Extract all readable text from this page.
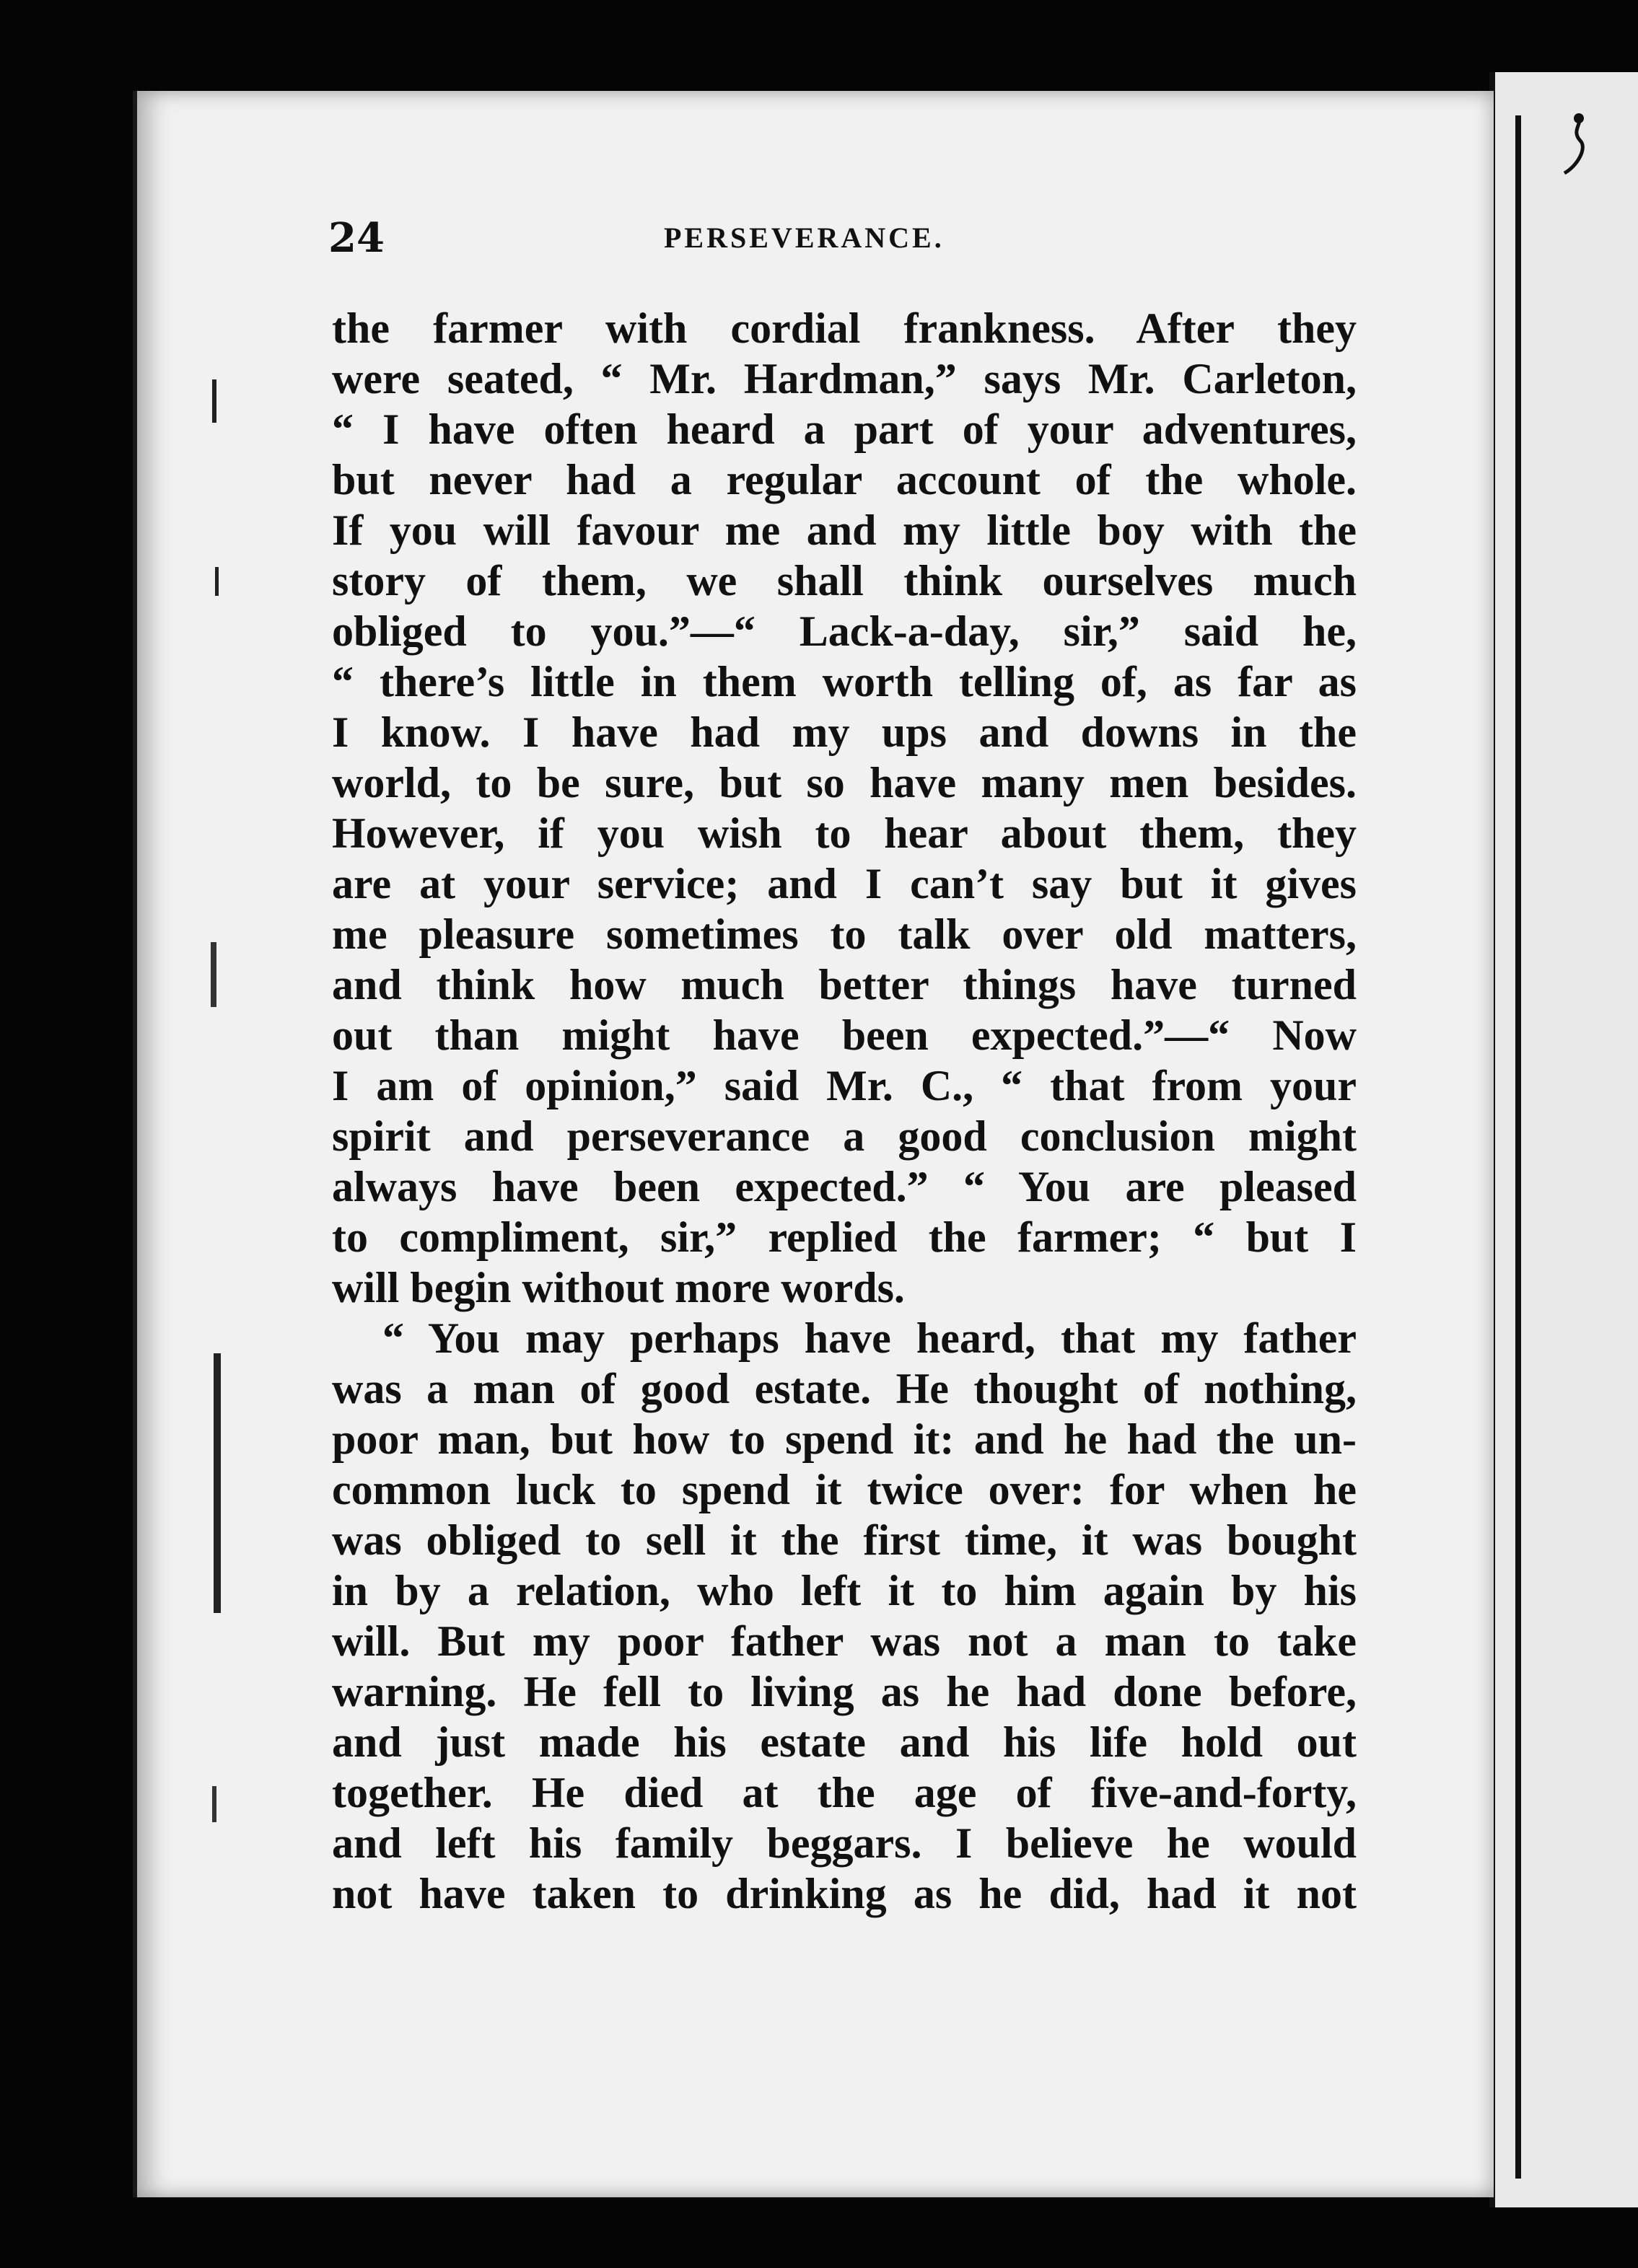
24	PERSEVERANCE.
the farmer with cordial frankness. After they
were seated, “ Mr. Hardman,” says Mr. Carleton,
“ I have often heard a part of your adventures,
but never had a regular account of the whole.
If you will favour me and my little boy with the
story of them, we shall think ourselves much
obliged to you.”—“ Lack-a-day, sir,” said he,
“ there’s little in them worth telling of, as far as
I know. I have had my ups and downs in the
world, to be sure, but so have many men besides.
However, if you wish to hear about them, they
are at your service; and I can’t say but it gives
me pleasure sometimes to talk over old matters,
and think how much better things have turned
out than might have been expected.”—“ Now
I am of opinion,” said Mr. C., “ that from your
spirit and perseverance a good conclusion might
always have been expected.” “ You are pleased
to compliment, sir,” replied the farmer; “ but I
will begin without more words.
“ You may perhaps have heard, that my father
was a man of good estate. He thought of nothing,
poor man, but how to spend it: and he had the un-
common luck to spend it twice over: for when he
was obliged to sell it the first time, it was bought
in by a relation, who left it to him again by his
will. But my poor father was not a man to take
warning. He fell to living as he had done before,
and just made his estate and his life hold out
together. He died at the age of five-and-forty,
and left his family beggars. I believe he would
not have taken to drinking as he did, had it not
